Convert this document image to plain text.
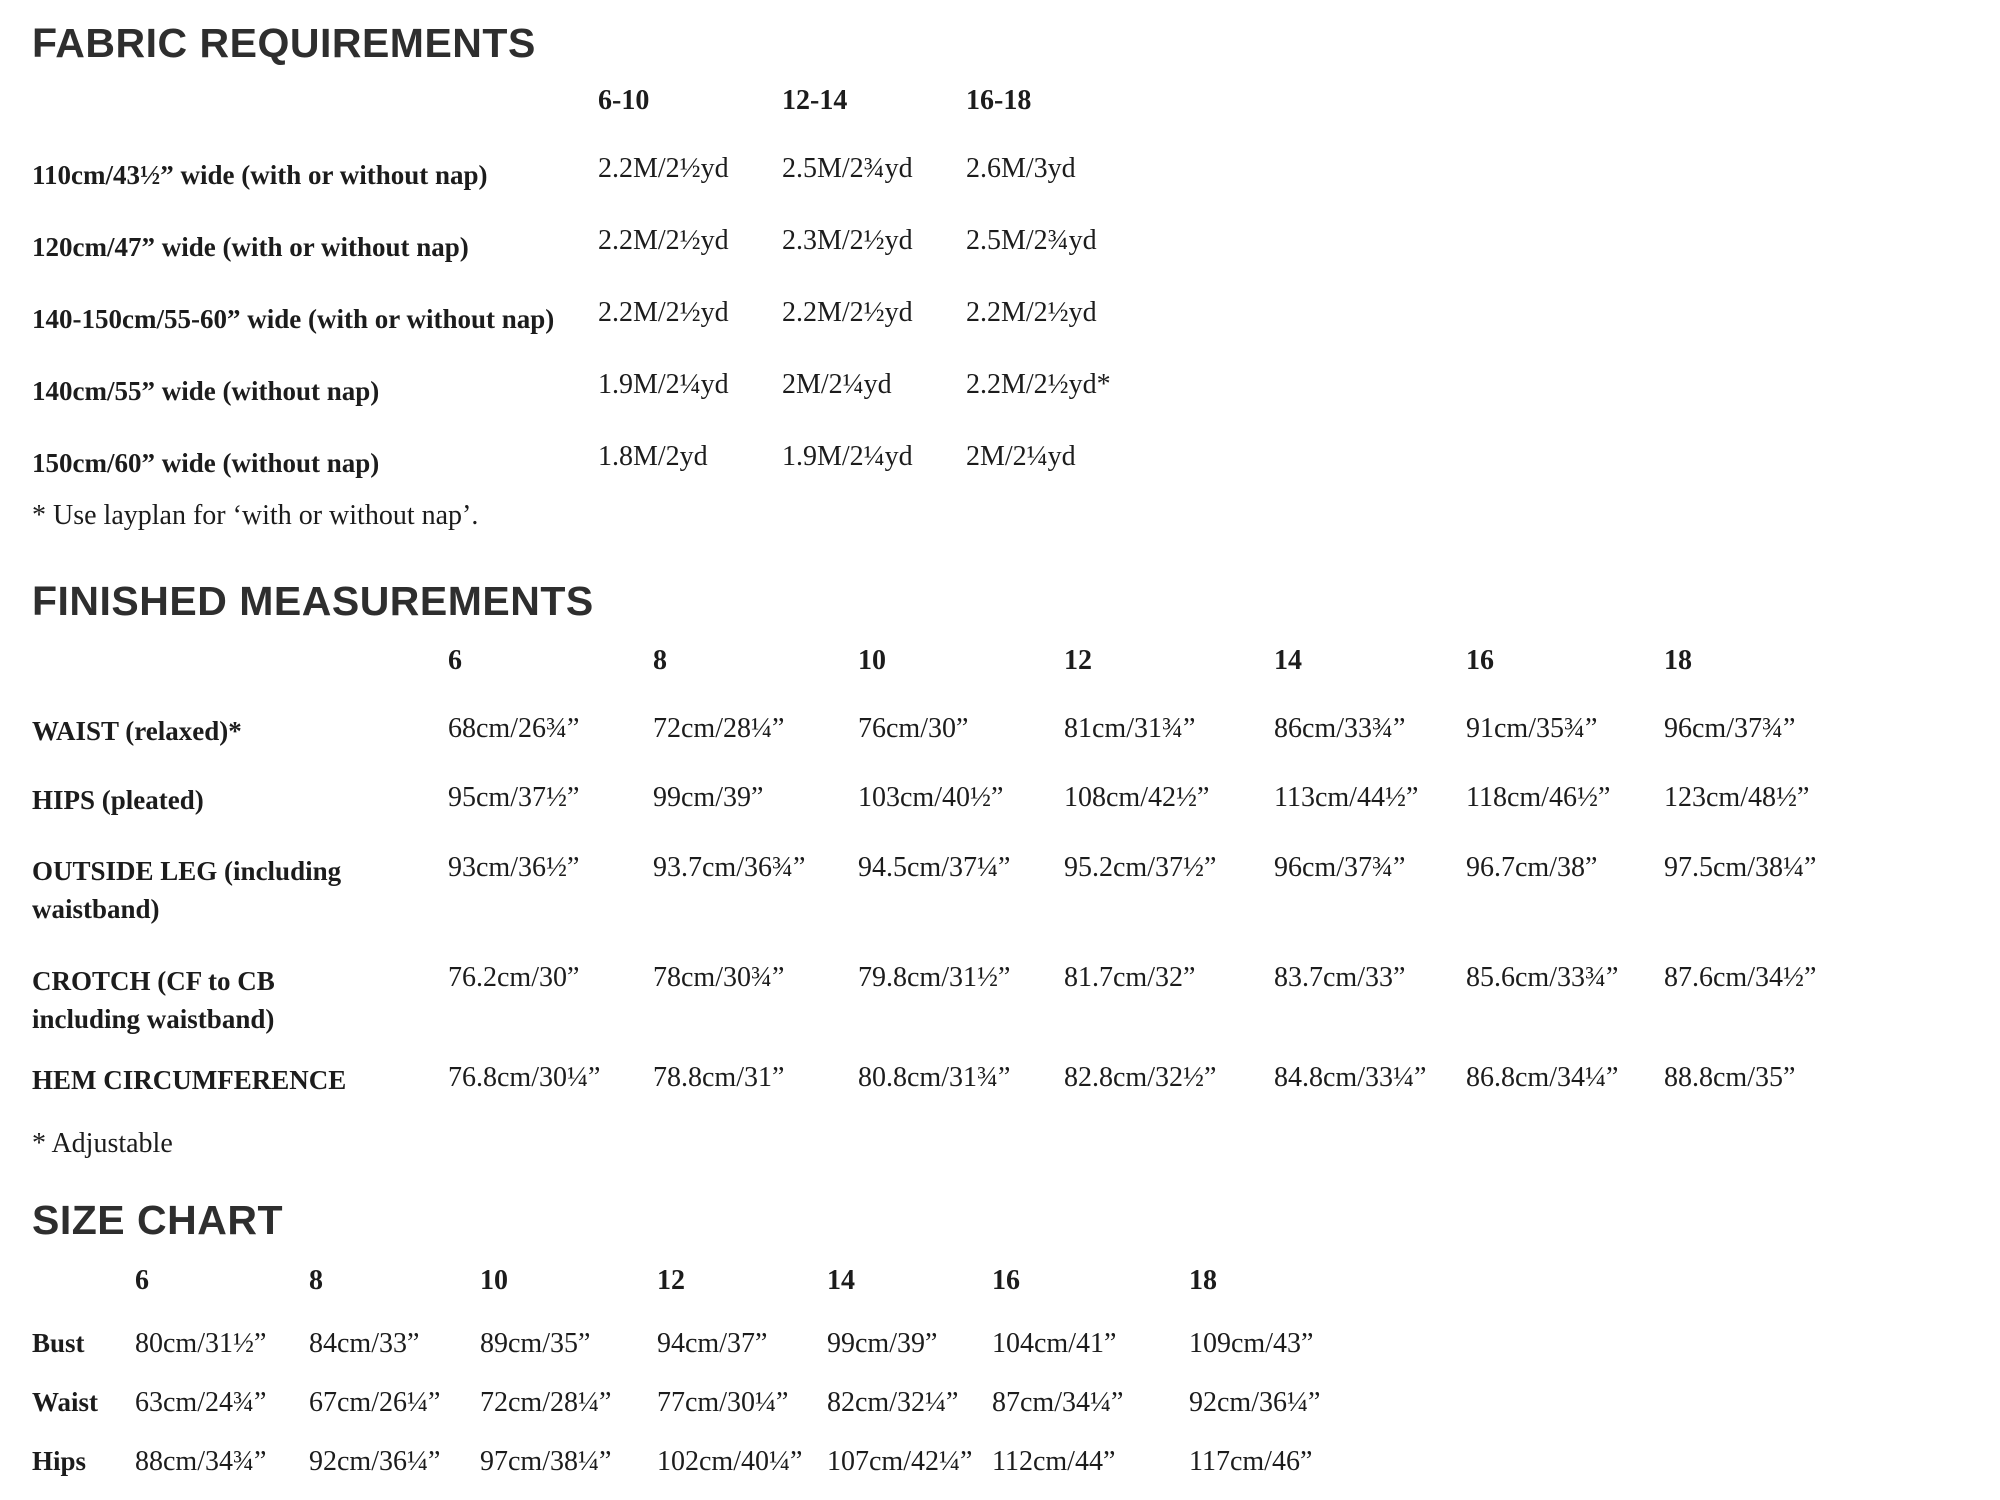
FABRIC REQUIREMENTS
6-10	12-14	16-18
110cm/43½” wide (with or without nap)	2.2M/2½yd 2.5M/2¾yd 2.6M/3yd
120cm/47” wide (with or without nap)	2.2M/2½yd 2.3M/2½yd 2.5M/2¾yd
140-150cm/55-60” wide (with or without nap) 2.2M/2½yd 2.2M/2½yd 2.2M/2½yd
140cm/55” wide (without nap)	1.9M/2¼yd 2M/2¼yd	2.2M/2½yd*
150cm/60” wide (without nap)	1.8M/2yd	1.9M/2¼yd 2M/2¼yd
* Use layplan for ‘with or without nap’.
FINISHED MEASUREMENTS
6	8	10	12	14	16	18
WAIST (relaxed)*	68cm/26¾”	72cm/28¼”	76cm/30”	81cm/31¾”	86cm/33¾” 91cm/35¾” 96cm/37¾”
HIPS (pleated)	95cm/37½”	99cm/39”	103cm/40½” 108cm/42½” 113cm/44½” 118cm/46½” 123cm/48½”
OUTSIDE LEG (including waistband)
93cm/36½”	93.7cm/36¾” 94.5cm/37¼” 95.2cm/37½” 96cm/37¾” 96.7cm/38” 97.5cm/38¼”
CROTCH (CF to CB including waistband)
76.2cm/30”	78cm/30¾”	79.8cm/31½” 81.7cm/32”	83.7cm/33” 85.6cm/33¾” 87.6cm/34½”
HEM CIRCUMFERENCE	76.8cm/30¼” 78.8cm/31”	80.8cm/31¾” 82.8cm/32½” 84.8cm/33¼” 86.8cm/34¼” 88.8cm/35”
* Adjustable
SIZE CHART
6	8	10	12	14	16	18
Bust 80cm/31½” 84cm/33” 89cm/35” 94cm/37” 99cm/39” 104cm/41”	109cm/43”
Waist 63cm/24¾” 67cm/26¼” 72cm/28¼” 77cm/30¼” 82cm/32¼” 87cm/34¼” 92cm/36¼”
Hips 88cm/34¾” 92cm/36¼” 97cm/38¼” 102cm/40¼” 107cm/42¼” 112cm/44”	117cm/46”
